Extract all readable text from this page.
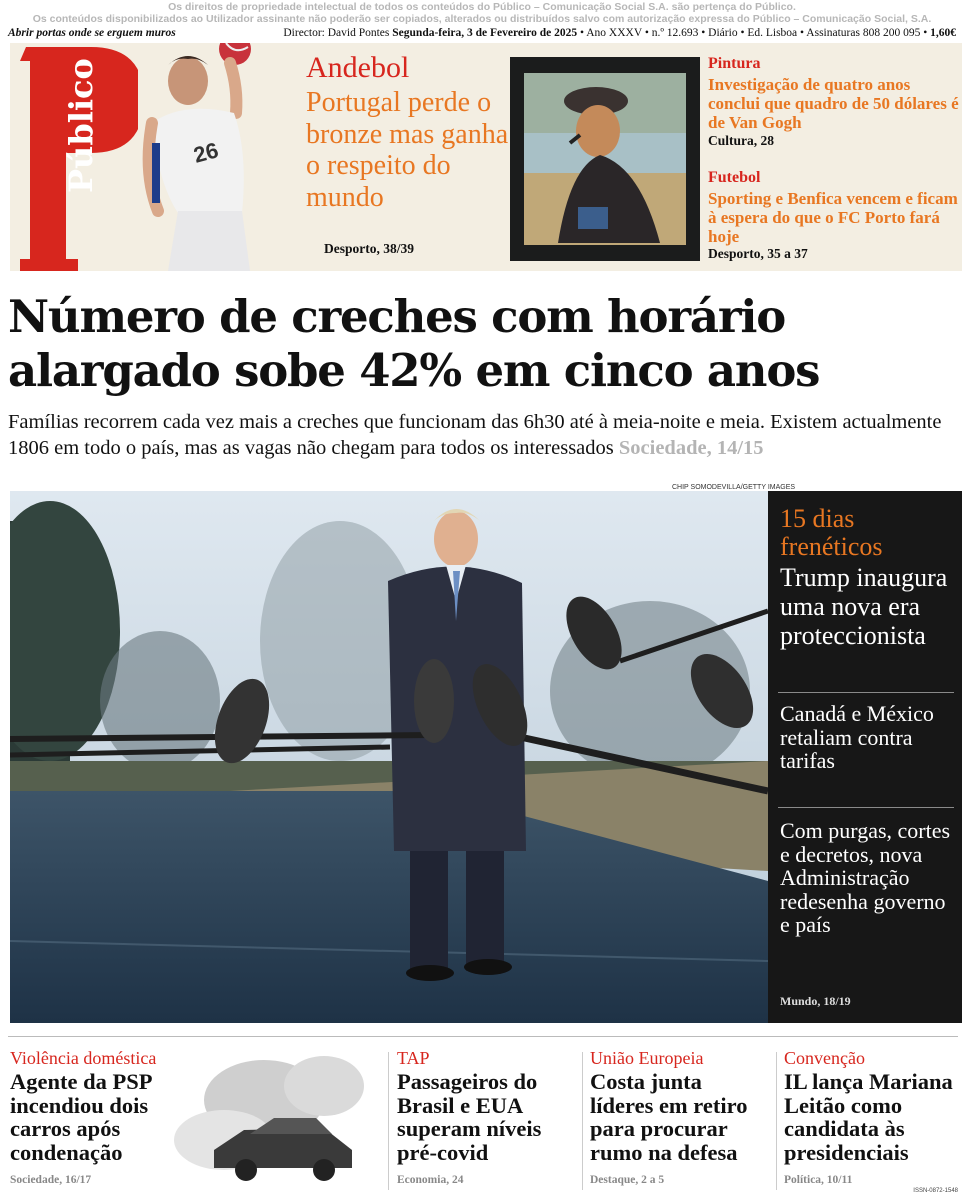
Os direitos de propriedade intelectual de todos os conteúdos do Público – Comunicação Social S.A. são pertença do Público.
Os conteúdos disponibilizados ao Utilizador assinante não poderão ser copiados, alterados ou distribuídos salvo com autorização expressa do Público – Comunicação Social, S.A.
Abrir portas onde se erguem muros	Director: David Pontes Segunda-feira, 3 de Fevereiro de 2025 • Ano XXXV • n.º 12.693 • Diário • Ed. Lisboa • Assinaturas 808 200 095 • 1,60€
Público	26
Andebol
Portugal perde o bronze mas ganha o respeito do mundo
Desporto, 38/39
Pintura
Investigação de quatro anos conclui que quadro de 50 dólares é de Van Gogh
Cultura, 28
Futebol
Sporting e Benfica vencem e ficam à espera do que o FC Porto fará hoje
Desporto, 35 a 37
Número de creches com horário alargado sobe 42% em cinco anos
Famílias recorrem cada vez mais a creches que funcionam das 6h30 até à meia-noite e meia. Existem actualmente 1806 em todo o país, mas as vagas não chegam para todos os interessados Sociedade, 14/15
CHIP SOMODEVILLA/GETTY IMAGES
15 dias frenéticos
Trump inaugura uma nova era proteccionista
Canadá e México retaliam contra tarifas
Com purgas, cortes e decretos, nova Administração redesenha governo e país
Mundo, 18/19
Violência doméstica
Agente da PSP incendiou dois carros após condenação
Sociedade, 16/17
TAP
Passageiros do Brasil e EUA superam níveis pré-covid
Economia, 24
União Europeia
Costa junta líderes em retiro para procurar rumo na defesa
Destaque, 2 a 5
Convenção
IL lança Mariana Leitão como candidata às presidenciais
Política, 10/11
ISSN-0872-1548
